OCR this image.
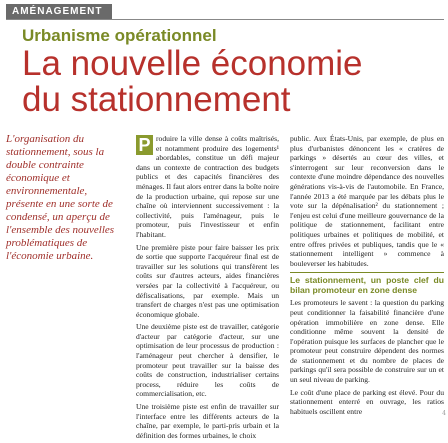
AMÉNAGEMENT
Urbanisme opérationnel
La nouvelle économie
du stationnement
L'organisation du stationnement, sous la double contrainte économique et environnementale, présente en une sorte de condensé, un aperçu de l'ensemble des nouvelles problématiques de l'économie urbaine.

P roduire la ville dense à coûts maîtrisés, et notamment produire des logements¹ abordables, constitue un défi majeur dans un contexte de contraction des budgets publics et des capacités financières des ménages. Il faut alors entrer dans la boîte noire de la production urbaine, qui repose sur une chaîne où interviennent successivement : la collectivité, puis l'aménageur, puis le promoteur, puis l'investisseur et enfin l'habitant.

Une première piste pour faire baisser les prix de sortie que supporte l'acquéreur final est de travailler sur les solutions qui transfèrent les coûts sur d'autres acteurs, aides financières versées par la collectivité à l'acquéreur, ou défiscalisations, par exemple. Mais un transfert de charges n'est pas une optimisation économique globale.

Une deuxième piste est de travailler, catégorie d'acteur par catégorie d'acteur, sur une optimisation de leur processus de production : l'aménageur peut chercher à densifier, le promoteur peut travailler sur la baisse des coûts de construction, industrialiser certains process, réduire les coûts de commercialisation, etc.

Une troisième piste est enfin de travailler sur l'interface entre les différents acteurs de la chaîne, par exemple, le parti-pris urbain et la définition des formes urbaines, le choix

public. Aux États-Unis, par exemple, de plus en plus d'urbanistes dénoncent les « cratères de parkings » désertés au cœur des villes, et s'interrogent sur leur reconversion dans le contexte d'une moindre dépendance des nouvelles générations vis-à-vis de l'automobile. En France, l'année 2013 a été marquée par les débats plus le vote sur la dépénalisation² du stationnement ; l'enjeu est celui d'une meilleure gouvernance de la politique de stationnement, facilitant entre politiques urbaines et politiques de mobilité, et entre offres privées et publiques, tandis que le « stationnement intelligent » commence à bouleverser les habitudes.

Le stationnement, un poste clef du bilan promoteur en zone dense

Les promoteurs le savent : la question du parking peut conditionner la faisabilité financière d'une opération immobilière en zone dense. Elle conditionne même souvent la densité de l'opération puisque les surfaces de plancher que le promoteur peut construire dépendent des normes de stationnement et du nombre de places de parkings qu'il sera possible de construire sur un et un seul niveau de parking.

Le coût d'une place de parking est élevé. Pour du stationnement enterré en ouvrage, les ratios habituels oscillent entre	4
